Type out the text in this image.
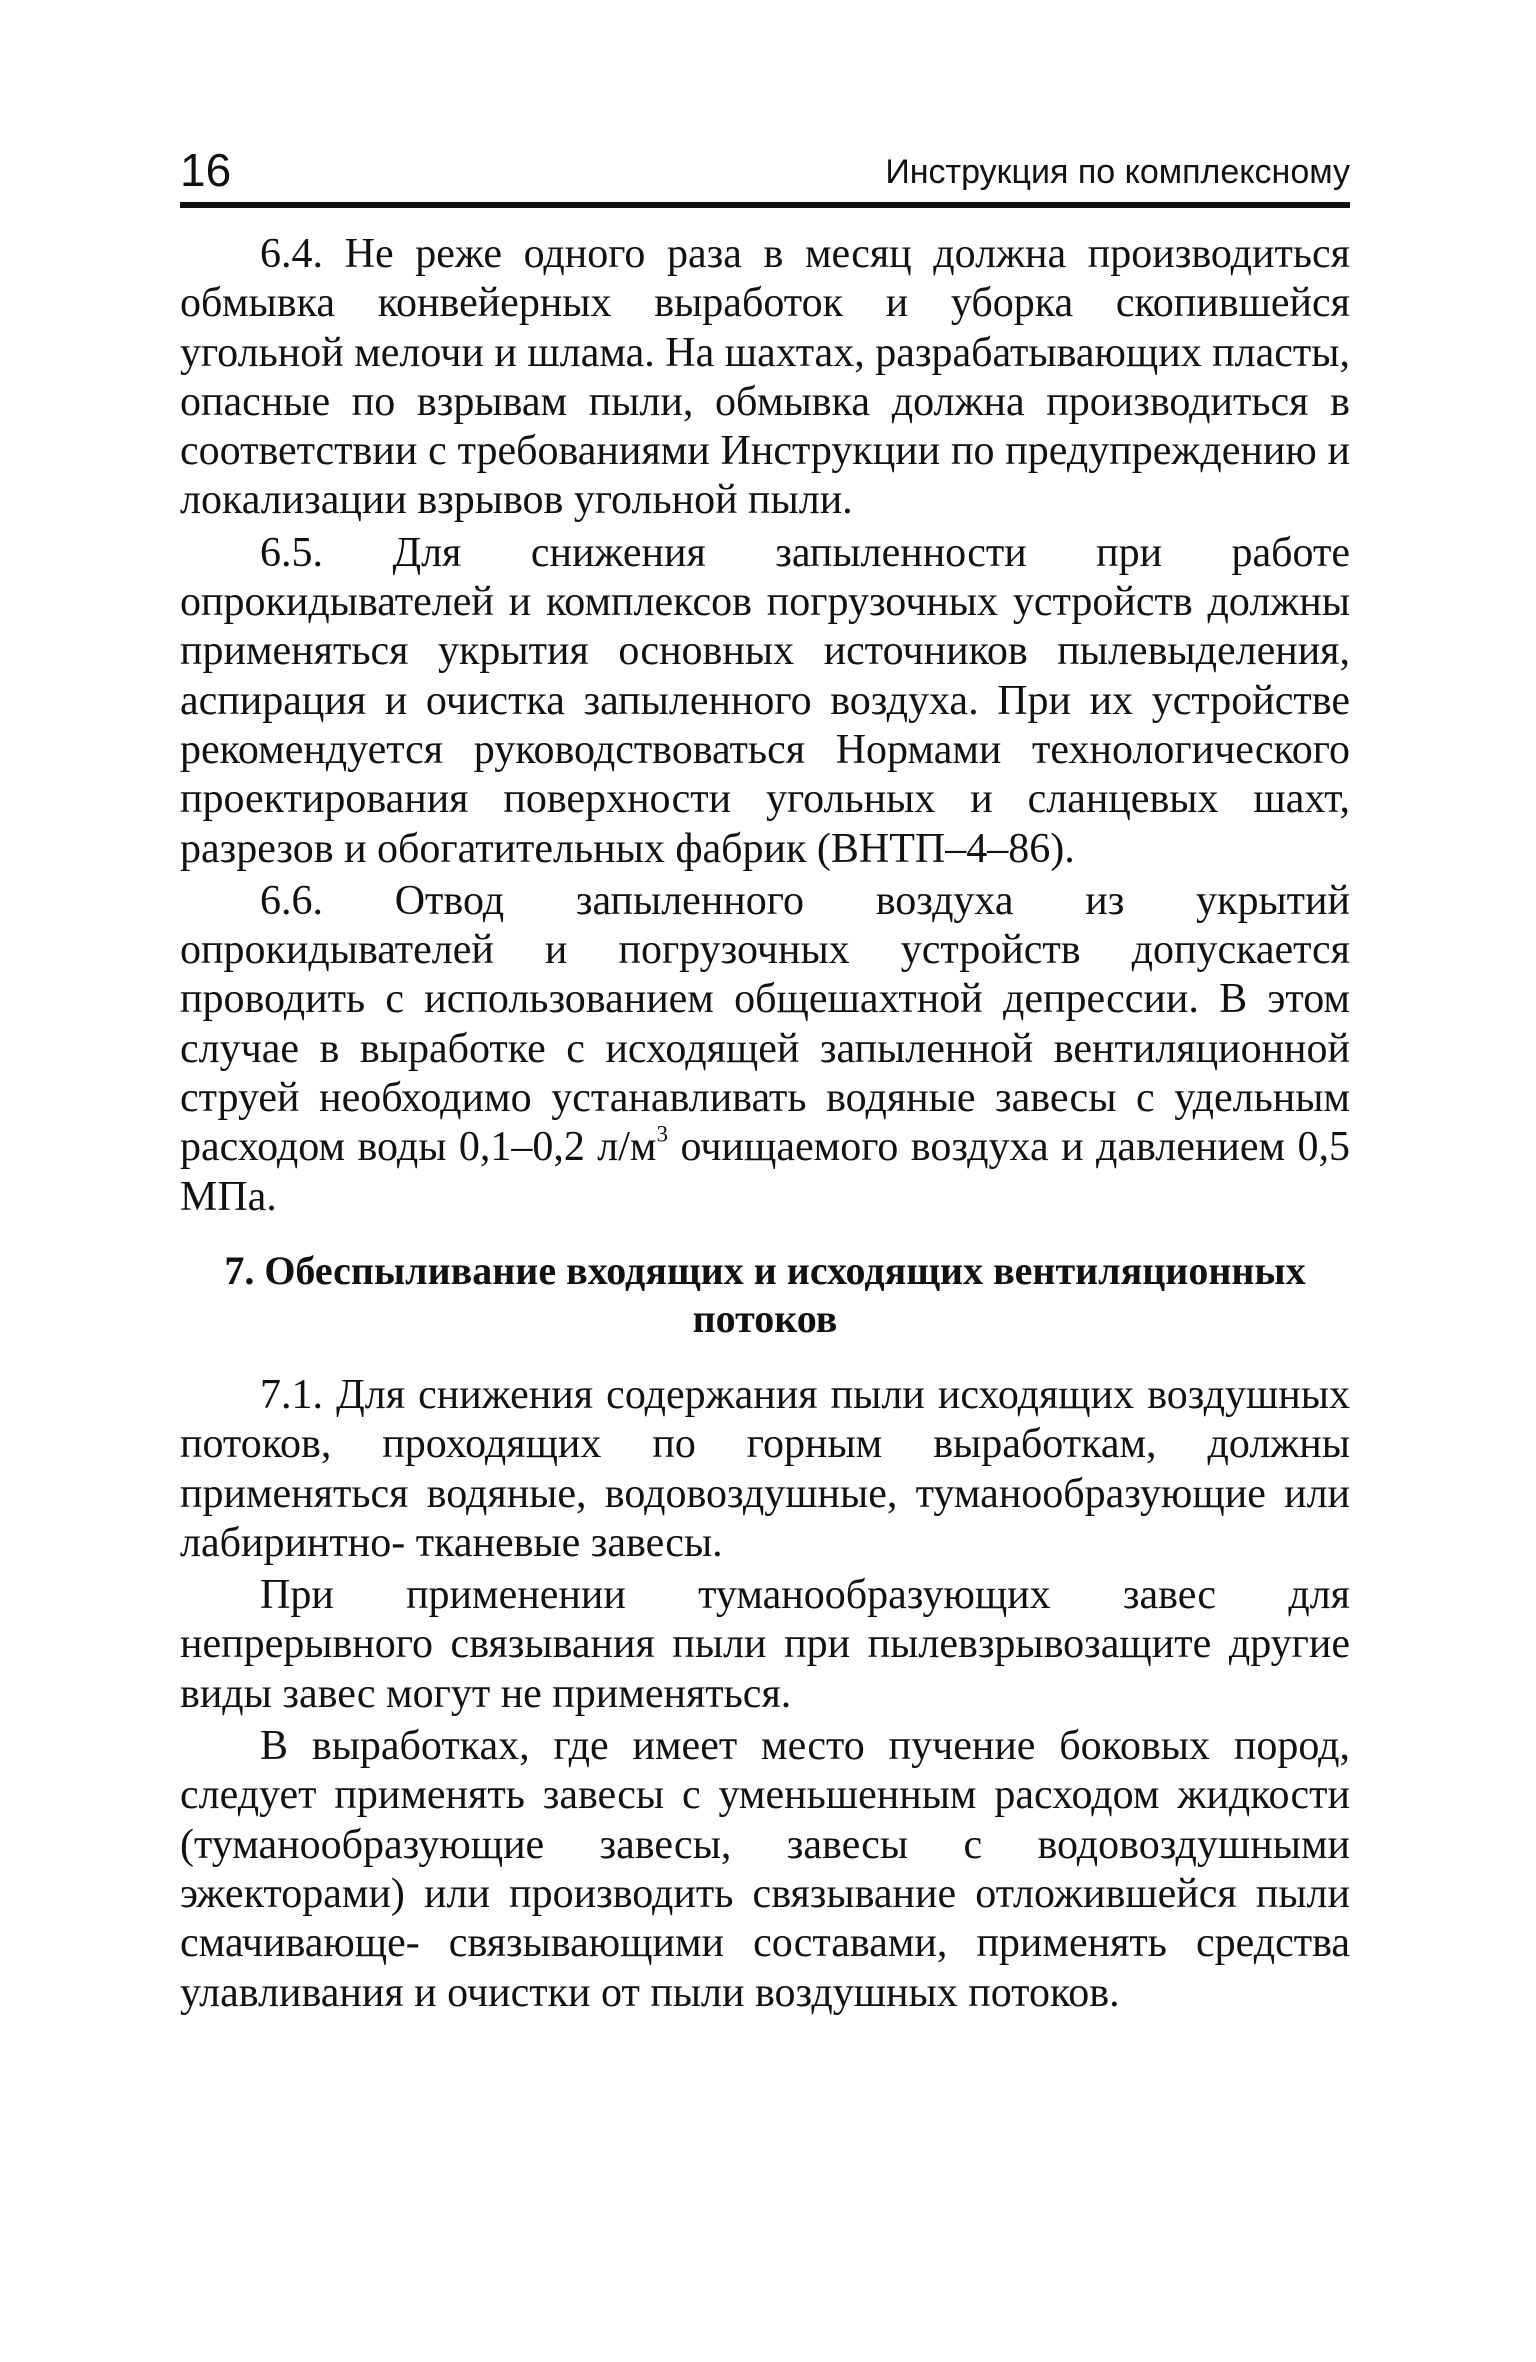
16	Инструкция по комплексному

6.4. Не реже одного раза в месяц должна производиться обмывка конвейерных выработок и уборка скопившейся угольной мелочи и шлама. На шахтах, разрабатывающих пласты, опасные по взрывам пыли, обмывка должна производиться в соответствии с требованиями Инструкции по предупреждению и локализации взрывов угольной пыли.

6.5. Для снижения запыленности при работе опрокидывателей и комплексов погрузочных устройств должны применяться укрытия основных источников пылевыделения, аспирация и очистка запыленного воздуха. При их устройстве рекомендуется руководствоваться Нормами технологического проектирования поверхности угольных и сланцевых шахт, разрезов и обогатительных фабрик (ВНТП–4–86).

6.6. Отвод запыленного воздуха из укрытий опрокидывателей и погрузочных устройств допускается проводить с использованием общешахтной депрессии. В этом случае в выработке с исходящей запыленной вентиляционной струей необходимо устанавливать водяные завесы с удельным расходом воды 0,1–0,2 $л/м^3$ очищаемого воздуха и давлением 0,5 МПа.

7. Обеспыливание входящих и исходящих вентиляционных
потоков

7.1. Для снижения содержания пыли исходящих воздушных потоков, проходящих по горным выработкам, должны применяться водяные, водовоздушные, туманообразующие или лабиринтно- тканевые завесы.

При применении туманообразующих завес для непрерывного связывания пыли при пылевзрывозащите другие виды завес могут не применяться.

В выработках, где имеет место пучение боковых пород, следует применять завесы с уменьшенным расходом жидкости (туманообразующие завесы, завесы с водовоздушными эжекторами) или производить связывание отложившейся пыли смачивающе- связывающими составами, применять средства улавливания и очистки от пыли воздушных потоков.
